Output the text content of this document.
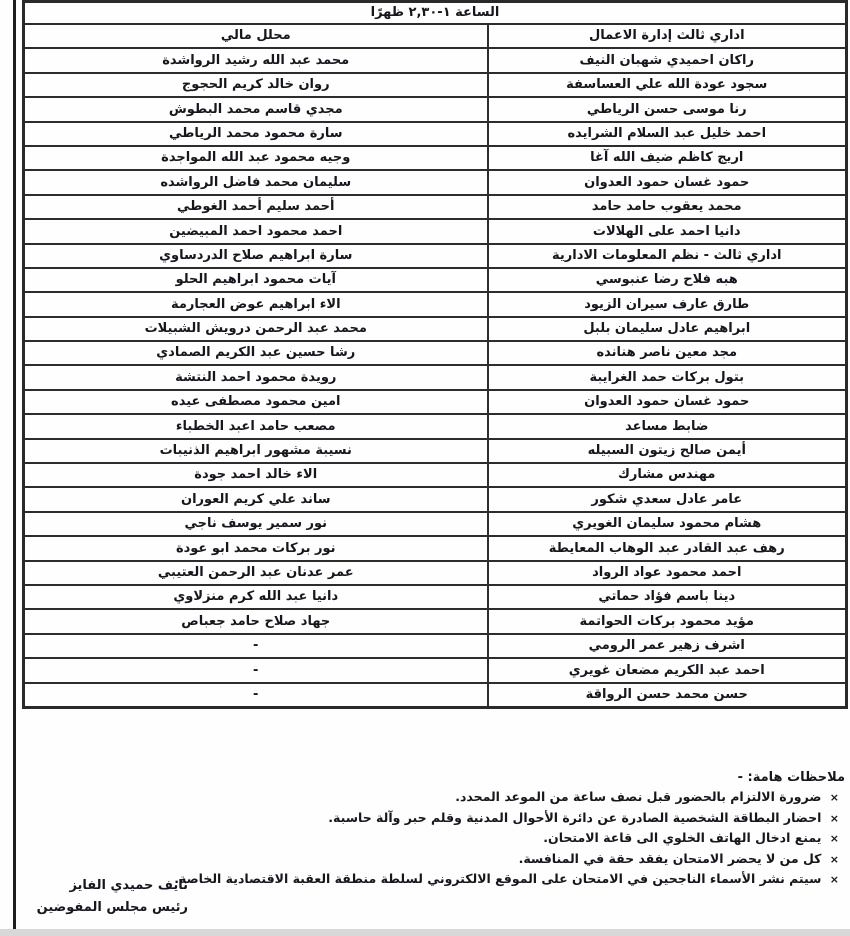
الساعة ١-٢,٣٠ ظهرًا	
اداري ثالث إدارة الاعمال	محلل مالي
راكان احميدي شهبان النيف	محمد عبد الله رشيد الرواشدة
سجود عودة الله علي العساسفة	روان خالد كريم الحجوج
رنا موسى حسن الرياطي	مجدي قاسم محمد البطوش
احمد خليل عبد السلام الشرايده	سارة محمود محمد الرياطي
اريج كاظم ضيف الله آغا	وجيه محمود عبد الله المواجدة
حمود غسان حمود العدوان	سليمان محمد فاضل الرواشده
محمد يعقوب حامد حامد	أحمد سليم أحمد الغوطي
دانيا احمد على الهلالات	احمد محمود احمد المبيضين
اداري ثالث - نظم المعلومات الادارية	سارة ابراهيم صلاح الدردساوي
هبه فلاح رضا عنبوسي	آيات محمود ابراهيم الحلو
طارق عارف سيران الزيود	الاء ابراهيم عوض العجارمة
ابراهيم عادل سليمان بلبل	محمد عبد الرحمن درويش الشبيلات
مجد معين ناصر هنانده	رشا حسين عبد الكريم الصمادي
بتول بركات حمد الغرايبة	رويدة محمود احمد النتشة
حمود غسان حمود العدوان	امين محمود مصطفى عيده
ضابط مساعد	مصعب حامد اعبد الخطباء
أيمن صالح زيتون السبيله	نسيبة مشهور ابراهيم الذنيبات
مهندس مشارك	الاء خالد احمد جودة
عامر عادل سعدي شكور	ساند علي كريم العوران
هشام محمود سليمان الغويري	نور سمير يوسف ناجي
رهف عبد القادر عبد الوهاب المعايطة	نور بركات محمد ابو عودة
احمد محمود عواد الرواد	عمر عدنان عبد الرحمن العتيبي
دينا باسم فؤاد حماتي	دانيا عبد الله كرم منزلاوي
مؤيد محمود بركات الحواتمة	جهاد صلاح حامد جعباص
اشرف زهير عمر الرومي	-
احمد عبد الكريم مضعان غويري	-
حسن محمد حسن الرواقة	-
ملاحظات هامة: -
× ضرورة الالتزام بالحضور قبل نصف ساعة من الموعد المحدد.
× احضار البطاقة الشخصية الصادرة عن دائرة الأحوال المدنية وقلم حبر وآلة حاسبة.
× يمنع ادخال الهاتف الخلوي الى قاعة الامتحان.
× كل من لا يحضر الامتحان يفقد حقة في المنافسة.
× سيتم نشر الأسماء الناجحين في الامتحان على الموقع الالكتروني لسلطة منطقة العقبة الاقتصادية الخاصة.
نايف حميدي الفايز
رئيس مجلس المفوضين
